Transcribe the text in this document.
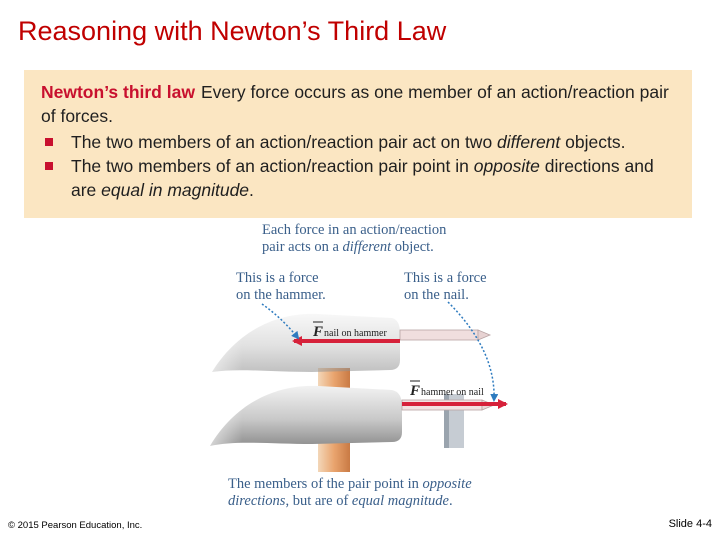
Reasoning with Newton’s Third Law
Newton’s third law Every force occurs as one member of an action/reaction pair of forces.
The two members of an action/reaction pair act on two different objects.
The two members of an action/reaction pair point in opposite directions and are equal in magnitude.
Fnail on hammer
Fhammer on nail
Each force in an action/reaction
pair acts on a different object.
This is a force
on the hammer.
This is a force
on the nail.
The members of the pair point in opposite
directions, but are of equal magnitude.
© 2015 Pearson Education, Inc.	Slide 4-4
